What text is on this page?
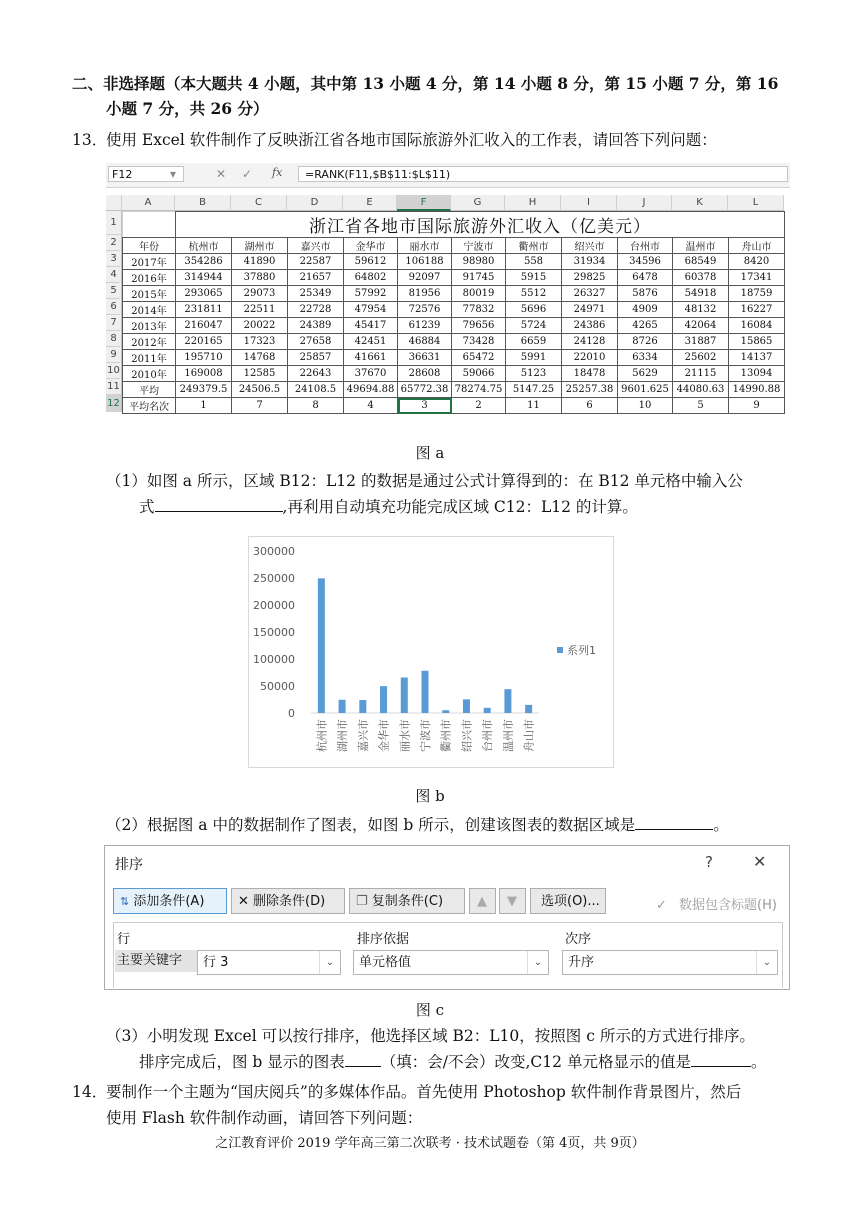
二、非选择题（本大题共 4 小题，其中第 13 小题 4 分，第 14 小题 8 分，第 15 小题 7 分，第 16
小题 7 分，共 26 分）
13．
使用 Excel 软件制作了反映浙江省各地市国际旅游外汇收入的工作表，请回答下列问题：
F12	▾	✕ ✓ fx	=RANK(F11,$B$11:$L$11)
A	B	C	D	E	F	G	H	I	J	K	L
1
2
3
4
5
6
7
8
9
10
11
12
	浙江省各地市国际旅游外汇收入（亿美元）										
年份	杭州市	湖州市	嘉兴市	金华市	丽水市	宁波市	衢州市	绍兴市	台州市	温州市	舟山市
2017年	354286	41890	22587	59612	106188	98980	558	31934	34596	68549	8420
2016年	314944	37880	21657	64802	92097	91745	5915	29825	6478	60378	17341
2015年	293065	29073	25349	57992	81956	80019	5512	26327	5876	54918	18759
2014年	231811	22511	22728	47954	72576	77832	5696	24971	4909	48132	16227
2013年	216047	20022	24389	45417	61239	79656	5724	24386	4265	42064	16084
2012年	220165	17323	27658	42451	46884	73428	6659	24128	8726	31887	15865
2011年	195710	14768	25857	41661	36631	65472	5991	22010	6334	25602	14137
2010年	169008	12585	22643	37670	28608	59066	5123	18478	5629	21115	13094
平均	249379.5	24506.5	24108.5	49694.88	65772.38	78274.75	5147.25	25257.38	9601.625	44080.63	14990.88
平均名次	1	7	8	4	3	2	11	6	10	5	9
图 a
（1）如图 a 所示，区域 B12：L12 的数据是通过公式计算得到的：在 B12 单元格中输入公
式	,再利用自动填充功能完成区域 C12：L12 的计算。
300000
250000
200000
150000
100000
50000
0
杭州市 湖州市 嘉兴市 金华市 丽水市 宁波市 衢州市 绍兴市 台州市 温州市 舟山市
系列1
图 b
（2）根据图 a 中的数据制作了图表，如图 b 所示，创建该图表的数据区域是	。
排序	?	✕
⇅ 添加条件(A)	✕ 删除条件(D)	❐ 复制条件(C)	▲	▼	选项(O)...	✓ 数据包含标题(H)
行	排序依据	次序
主要关键字	行 3	⌄	单元格值	⌄	升序	⌄
图 c
（3）小明发现 Excel 可以按行排序，他选择区域 B2：L10，按照图 c 所示的方式进行排序。
排序完成后，图 b 显示的图表 （填：会/不会）改变,C12 单元格显示的值是	。
14．
要制作一个主题为“国庆阅兵”的多媒体作品。首先使用 Photoshop 软件制作背景图片，然后
使用 Flash 软件制作动画，请回答下列问题：
之江教育评价 2019 学年高三第二次联考 · 技术试题卷（第 4页，共 9页）
